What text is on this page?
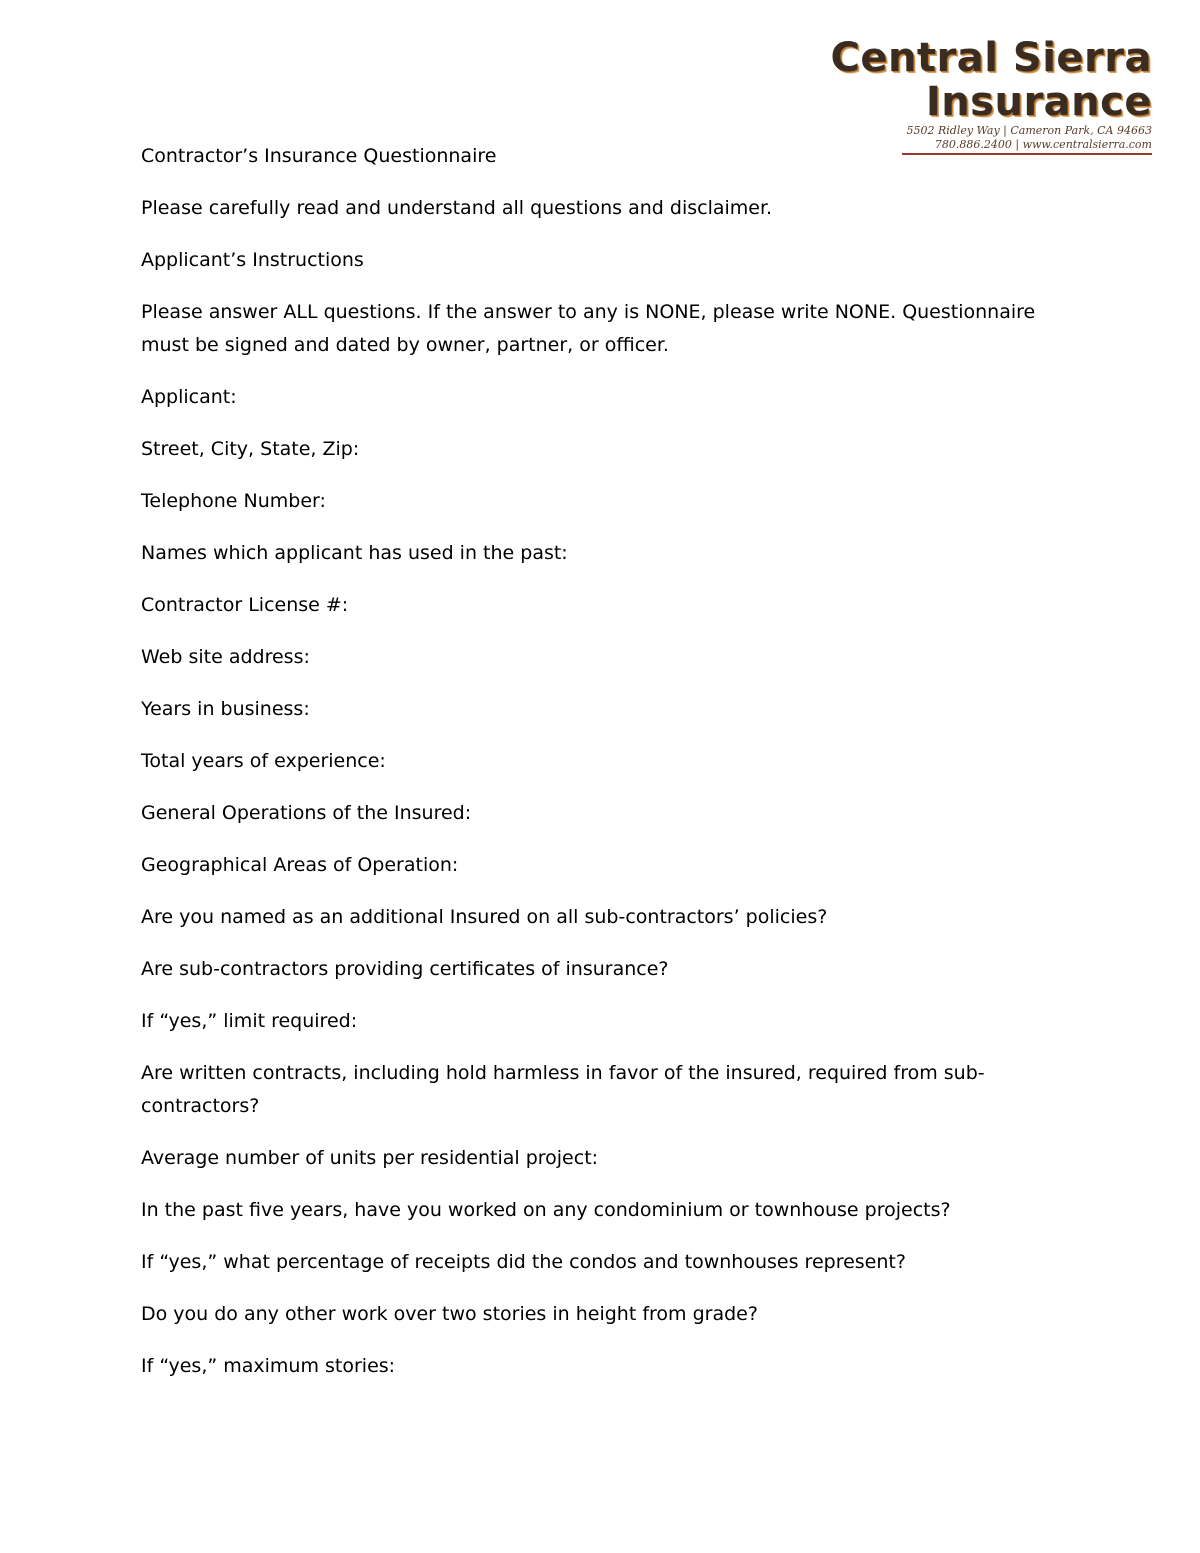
Central Sierra Insurance
5502 Ridley Way | Cameron Park, CA 94663
780.886.2400 | www.centralsierra.com

Contractor’s Insurance Questionnaire

Please carefully read and understand all questions and disclaimer.

Applicant’s Instructions

Please answer ALL questions. If the answer to any is NONE, please write NONE. Questionnaire must be signed and dated by owner, partner, or officer.

Applicant:

Street, City, State, Zip:

Telephone Number:

Names which applicant has used in the past:

Contractor License #:

Web site address:

Years in business:

Total years of experience:

General Operations of the Insured:

Geographical Areas of Operation:

Are you named as an additional Insured on all sub-contractors’ policies?

Are sub-contractors providing certificates of insurance?

If “yes,” limit required:

Are written contracts, including hold harmless in favor of the insured, required from sub-contractors?

Average number of units per residential project:

In the past five years, have you worked on any condominium or townhouse projects?

If “yes,” what percentage of receipts did the condos and townhouses represent?

Do you do any other work over two stories in height from grade?

If “yes,” maximum stories:
